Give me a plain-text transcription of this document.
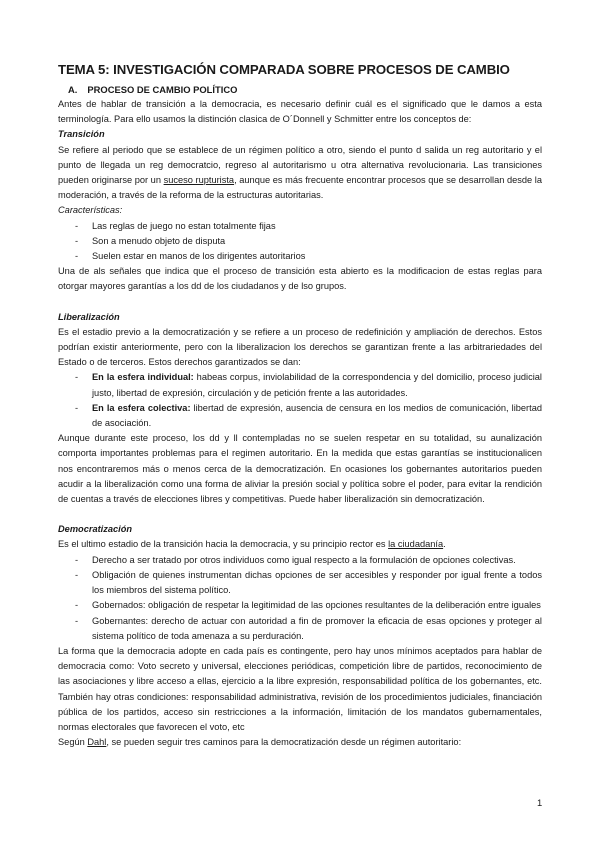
TEMA 5: INVESTIGACIÓN COMPARADA SOBRE PROCESOS DE CAMBIO
A. PROCESO DE CAMBIO POLÍTICO

Antes de hablar de transición a la democracia, es necesario definir cuál es el significado que le damos a esta terminología. Para ello usamos la distinción clasica de O´Donnell y Schmitter entre los conceptos de:

Transición

Se refiere al periodo que se establece de un régimen político a otro, siendo el punto d salida un reg autoritario y el punto de llegada un reg democratcio, regreso al autoritarismo u otra alternativa revolucionaria. Las transiciones pueden originarse por un suceso rupturista, aunque es más frecuente encontrar procesos que se desarrollan desde la moderación, a través de la reforma de la estructuras autoritarias.

Características:
- Las reglas de juego no estan totalmente fijas
- Son a menudo objeto de disputa
- Suelen estar en manos de los dirigentes autoritarios

Una de als señales que indica que el proceso de transición esta abierto es la modificacion de estas reglas para otorgar mayores garantías a los dd de los ciudadanos y de lso grupos.

Liberalización

Es el estadio previo a la democratización y se refiere a un proceso de redefinición y ampliación de derechos. Estos podrían existir anteriormente, pero con la liberalizacion los derechos se garantizan frente a las arbitrariedades del Estado o de terceros. Estos derechos garantizados se dan:

- En la esfera individual: habeas corpus, inviolabilidad de la correspondencia y del domicilio, proceso judicial justo, libertad de expresión, circulación y de petición frente a las autoridades.
- En la esfera colectiva: libertad de expresión, ausencia de censura en los medios de comunicación, libertad de asociación.

Aunque durante este proceso, los dd y ll contempladas no se suelen respetar en su totalidad, su aunalización comporta importantes problemas para el regimen autoritario. En la medida que estas garantías se institucionalicen nos encontraremos más o menos cerca de la democratización. En ocasiones los gobernantes autoritarios pueden acudir a la liberalización como una forma de aliviar la presión social y política sobre el poder, para evitar la rendición de cuentas a través de elecciones libres y competitivas. Puede haber liberalización sin democratización.

Democratización

Es el ultimo estadio de la transición hacia la democracia, y su principio rector es la ciudadanía.

- Derecho a ser tratado por otros individuos como igual respecto a la formulación de opciones colectivas.
- Obligación de quienes instrumentan dichas opciones de ser accesibles y responder por igual frente a todos los miembros del sistema político.
- Gobernados: obligación de respetar la legitimidad de las opciones resultantes de la deliberación entre iguales
- Gobernantes: derecho de actuar con autoridad a fin de promover la eficacia de esas opciones y proteger al sistema político de toda amenaza a su perduración.

La forma que la democracia adopte en cada país es contingente, pero hay unos mínimos aceptados para hablar de democracia como: Voto secreto y universal, elecciones periódicas, competición libre de partidos, reconocimiento de las asociaciones y libre acceso a ellas, ejercicio a la libre expresión, responsabilidad política de los gobernantes, etc. También hay otras condiciones: responsabilidad administrativa, revisión de los procedimientos judiciales, financiación pública de los partidos, acceso sin restricciones a la información, limitación de los mandatos gubernamentales, normas electorales que favorecen el voto, etc

Según Dahl, se pueden seguir tres caminos para la democratización desde un régimen autoritario:

1
